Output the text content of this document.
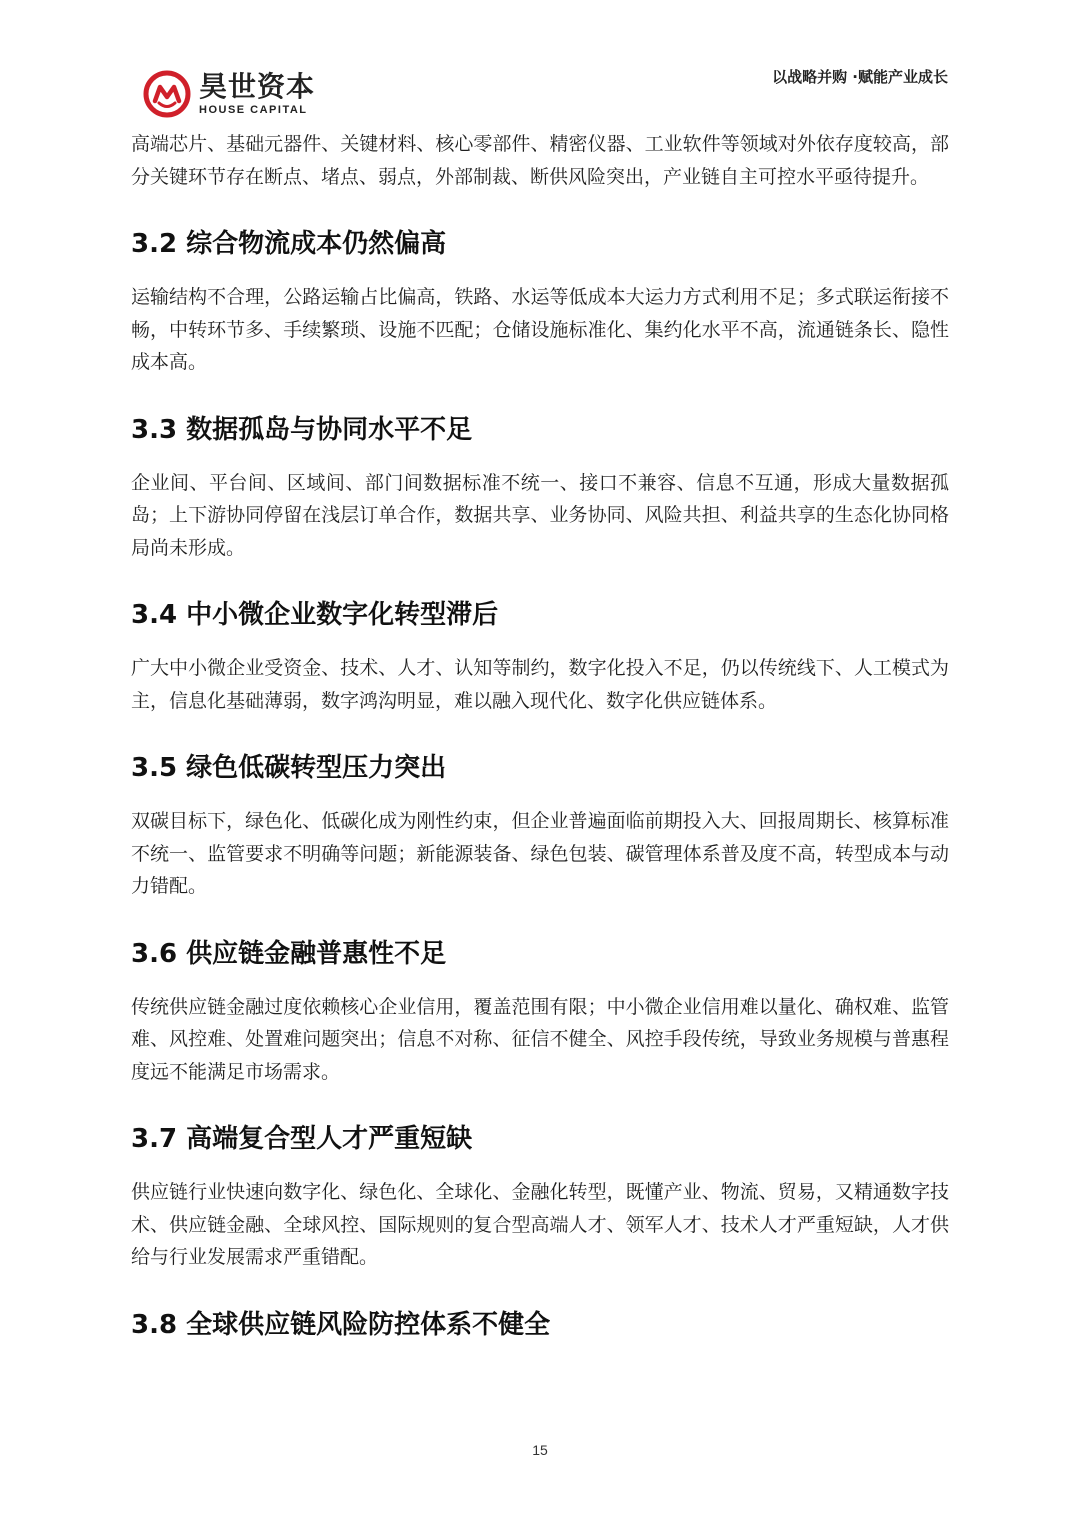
昊世资本
HOUSE CAPITAL
以战略并购 ·赋能产业成长

高端芯片、基础元器件、关键材料、核心零部件、精密仪器、工业软件等领域对外依存度较高，部分关键环节存在断点、堵点、弱点，外部制裁、断供风险突出，产业链自主可控水平亟待提升。

3.2 综合物流成本仍然偏高

运输结构不合理，公路运输占比偏高，铁路、水运等低成本大运力方式利用不足；多式联运衔接不畅，中转环节多、手续繁琐、设施不匹配；仓储设施标准化、集约化水平不高，流通链条长、隐性成本高。

3.3 数据孤岛与协同水平不足

企业间、平台间、区域间、部门间数据标准不统一、接口不兼容、信息不互通，形成大量数据孤岛；上下游协同停留在浅层订单合作，数据共享、业务协同、风险共担、利益共享的生态化协同格局尚未形成。

3.4 中小微企业数字化转型滞后

广大中小微企业受资金、技术、人才、认知等制约，数字化投入不足，仍以传统线下、人工模式为主，信息化基础薄弱，数字鸿沟明显，难以融入现代化、数字化供应链体系。

3.5 绿色低碳转型压力突出

双碳目标下，绿色化、低碳化成为刚性约束，但企业普遍面临前期投入大、回报周期长、核算标准不统一、监管要求不明确等问题；新能源装备、绿色包装、碳管理体系普及度不高，转型成本与动力错配。

3.6 供应链金融普惠性不足

传统供应链金融过度依赖核心企业信用，覆盖范围有限；中小微企业信用难以量化、确权难、监管难、风控难、处置难问题突出；信息不对称、征信不健全、风控手段传统，导致业务规模与普惠程度远不能满足市场需求。

3.7 高端复合型人才严重短缺

供应链行业快速向数字化、绿色化、全球化、金融化转型，既懂产业、物流、贸易，又精通数字技术、供应链金融、全球风控、国际规则的复合型高端人才、领军人才、技术人才严重短缺，人才供给与行业发展需求严重错配。

3.8 全球供应链风险防控体系不健全
15
